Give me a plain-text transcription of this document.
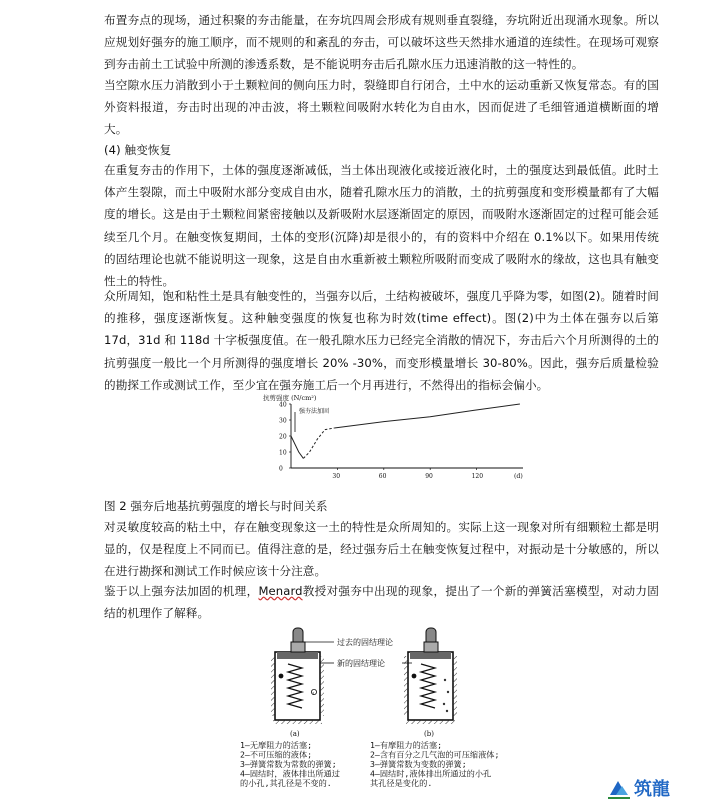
布置夯点的现场，通过积聚的夯击能量，在夯坑四周会形成有规则垂直裂缝，夯坑附近出现涌水现象。所以应规划好强夯的施工顺序，而不规则的和紊乱的夯击，可以破坏这些天然排水通道的连续性。在现场可观察到夯击前土工试验中所测的渗透系数，是不能说明夯击后孔隙水压力迅速消散的这一特性的。

当空隙水压力消散到小于土颗粒间的侧向压力时，裂缝即自行闭合，土中水的运动重新又恢复常态。有的国外资料报道，夯击时出现的冲击波，将土颗粒间吸附水转化为自由水，因而促进了毛细管通道横断面的增大。

(4) 触变恢复

在重复夯击的作用下，土体的强度逐渐减低，当土体出现液化或接近液化时，土的强度达到最低值。此时土体产生裂隙，而土中吸附水部分变成自由水，随着孔隙水压力的消散，土的抗剪强度和变形模量都有了大幅度的增长。这是由于土颗粒间紧密接触以及新吸附水层逐渐固定的原因，而吸附水逐渐固定的过程可能会延续至几个月。在触变恢复期间，土体的变形(沉降)却是很小的，有的资料中介绍在 0.1%以下。如果用传统的固结理论也就不能说明这一现象，这是自由水重新被土颗粒所吸附而变成了吸附水的缘故，这也具有触变性土的特性。

众所周知，饱和粘性土是具有触变性的，当强夯以后，土结构被破坏，强度几乎降为零，如图(2)。随着时间的推移，强度逐渐恢复。这种触变强度的恢复也称为时效(time effect)。图(2)中为土体在强夯以后第 17d，31d 和 118d 十字板强度值。在一般孔隙水压力已经完全消散的情况下，夯击后六个月所测得的土的抗剪强度一般比一个月所测得的强度增长 20% -30%，而变形模量增长 30-80%。因此，强夯后质量检验的勘探工作或测试工作，至少宜在强夯施工后一个月再进行，不然得出的指标会偏小。

抗剪强度 (N/cm²)
40
30
20
10
0
30	60	90	120
强夯法加固
(d)

图 2 强夯后地基抗剪强度的增长与时间关系

对灵敏度较高的粘土中，存在触变现象这一土的特性是众所周知的。实际上这一现象对所有细颗粒土都是明显的，仅是程度上不同而已。值得注意的是，经过强夯后土在触变恢复过程中，对振动是十分敏感的，所以在进行勘探和测试工作时候应该十分注意。

鉴于以上强夯法加固的机理，Menard教授对强夯中出现的现象，提出了一个新的弹簧活塞模型，对动力固结的机理作了解释。

1
(a)	(b)
过去的固结理论
新的固结理论
1—无摩阻力的活塞;
2—不可压缩的液体;
3—弹簧常数为常数的弹簧;
4—固结时，液体排出所通过
的小孔,其孔径是不变的.
1—有摩阻力的活塞;
2—含有百分之几气泡的可压缩液体;
3—弹簧常数为变数的弹簧;
4—固结时,液体排出所通过的小孔
其孔径是变化的.	筑龍
